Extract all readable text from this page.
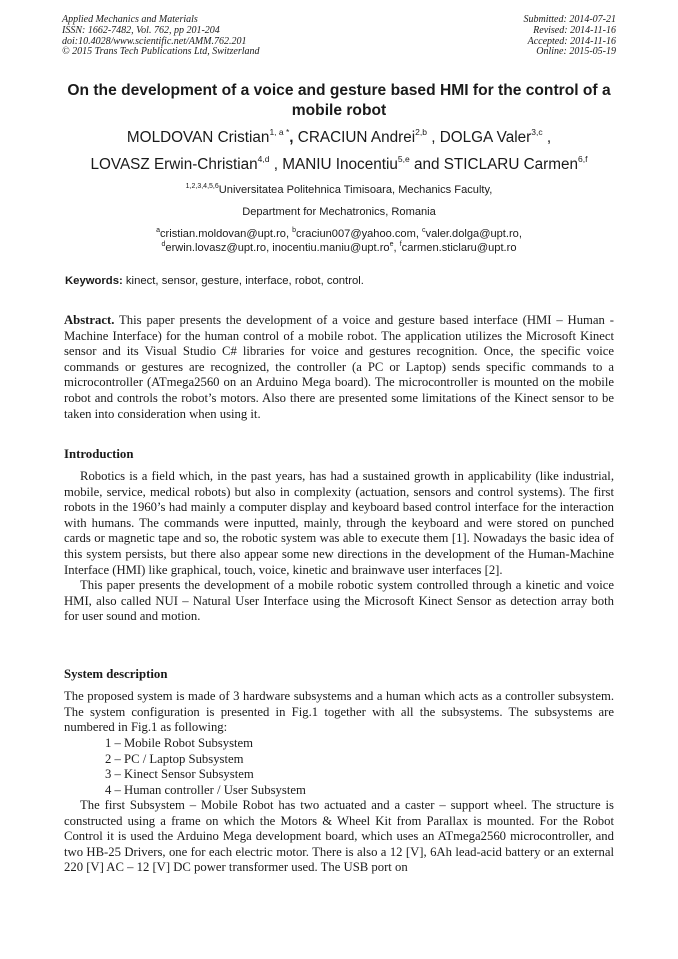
Applied Mechanics and Materials
ISSN: 1662-7482, Vol. 762, pp 201-204
doi:10.4028/www.scientific.net/AMM.762.201
© 2015 Trans Tech Publications Ltd, Switzerland
Submitted: 2014-07-21
Revised: 2014-11-16
Accepted: 2014-11-16
Online: 2015-05-19
On the development of a voice and gesture based HMI for the control of a mobile robot
MOLDOVAN Cristian$^{1, a *}$, CRACIUN Andrei$^{2,b}$ , DOLGA Valer$^{3,c}$ ,
LOVASZ Erwin-Christian$^{4,d}$ , MANIU Inocentiu$^{5,e}$ and STICLARU Carmen$^{6,f}$
$^{1,2,3,4,5,6}$Universitatea Politehnica Timisoara, Mechanics Faculty,
Department for Mechatronics, Romania
$^a$cristian.moldovan@upt.ro, $^b$craciun007@yahoo.com, $^c$valer.dolga@upt.ro,
$^d$erwin.lovasz@upt.ro, $inocentiu.maniu@upt.ro^e$, $^f$carmen.sticlaru@upt.ro
Keywords: kinect, sensor, gesture, interface, robot, control.

Abstract. This paper presents the development of a voice and gesture based interface (HMI – Human - Machine Interface) for the human control of a mobile robot. The application utilizes the Microsoft Kinect sensor and its Visual Studio C# libraries for voice and gestures recognition. Once, the specific voice commands or gestures are recognized, the controller (a PC or Laptop) sends specific commands to a microcontroller (ATmega2560 on an Arduino Mega board). The microcontroller is mounted on the mobile robot and controls the robot’s motors. Also there are presented some limitations of the Kinect sensor to be taken into consideration when using it.

Introduction

Robotics is a field which, in the past years, has had a sustained growth in applicability (like industrial, mobile, service, medical robots) but also in complexity (actuation, sensors and control systems). The first robots in the 1960’s had mainly a computer display and keyboard based control interface for the interaction with humans. The commands were inputted, mainly, through the keyboard and were stored on punched cards or magnetic tape and so, the robotic system was able to execute them [1]. Nowadays the basic idea of this system persists, but there also appear some new directions in the development of the Human-Machine Interface (HMI) like graphical, touch, voice, kinetic and brainwave user interfaces [2].

This paper presents the development of a mobile robotic system controlled through a kinetic and voice HMI, also called NUI – Natural User Interface using the Microsoft Kinect Sensor as detection array both for user sound and motion.

System description
The proposed system is made of 3 hardware subsystems and a human which acts as a controller subsystem. The system configuration is presented in Fig.1 together with all the subsystems. The subsystems are numbered in Fig.1 as following:
1 – Mobile Robot Subsystem
2 – PC / Laptop Subsystem
3 – Kinect Sensor Subsystem
4 – Human controller / User Subsystem

The first Subsystem – Mobile Robot has two actuated and a caster – support wheel. The structure is constructed using a frame on which the Motors & Wheel Kit from Parallax is mounted. For the Robot Control it is used the Arduino Mega development board, which uses an ATmega2560 microcontroller, and two HB-25 Drivers, one for each electric motor. There is also a 12 [V], 6Ah lead-acid battery or an external 220 [V] AC – 12 [V] DC power transformer used. The USB port on
